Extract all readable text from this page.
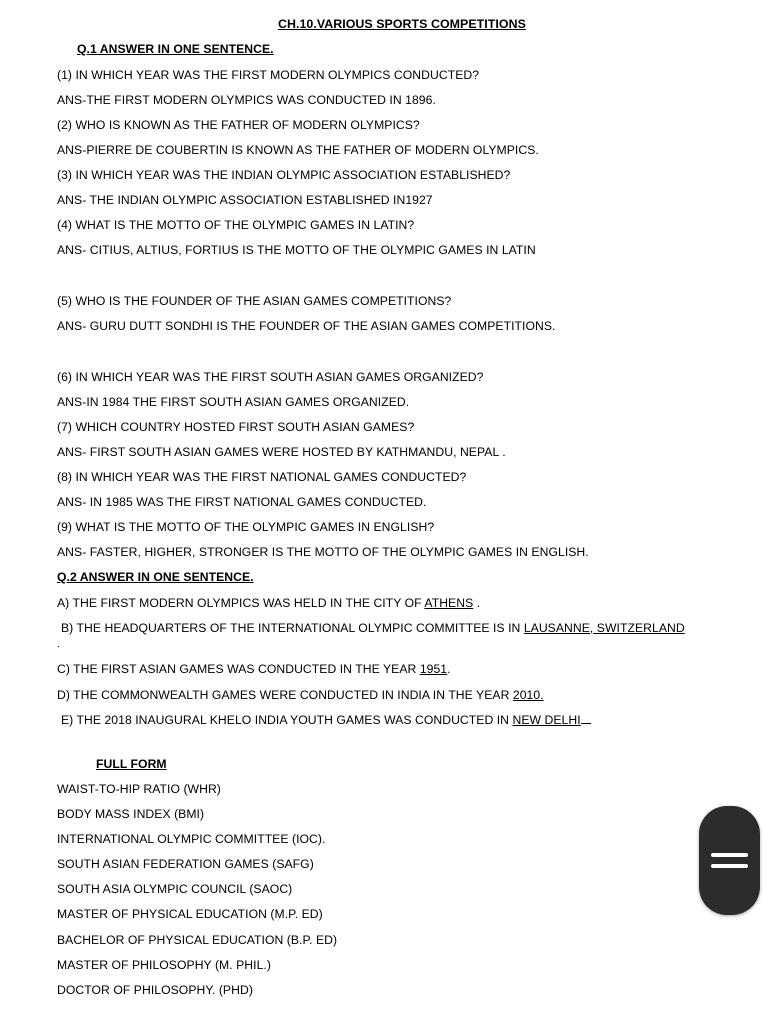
CH.10.VARIOUS SPORTS COMPETITIONS

Q.1 ANSWER IN ONE SENTENCE.

(1) IN WHICH YEAR WAS THE FIRST MODERN OLYMPICS CONDUCTED?

ANS-THE FIRST MODERN OLYMPICS WAS CONDUCTED IN 1896.

(2) WHO IS KNOWN AS THE FATHER OF MODERN OLYMPICS?

ANS-PIERRE DE COUBERTIN IS KNOWN AS THE FATHER OF MODERN OLYMPICS.

(3) IN WHICH YEAR WAS THE INDIAN OLYMPIC ASSOCIATION ESTABLISHED?

ANS- THE INDIAN OLYMPIC ASSOCIATION ESTABLISHED IN1927

(4) WHAT IS THE MOTTO OF THE OLYMPIC GAMES IN LATIN?

ANS- CITIUS, ALTIUS, FORTIUS IS THE MOTTO OF THE OLYMPIC GAMES IN LATIN

(5) WHO IS THE FOUNDER OF THE ASIAN GAMES COMPETITIONS?

ANS- GURU DUTT SONDHI IS THE FOUNDER OF THE ASIAN GAMES COMPETITIONS.

(6) IN WHICH YEAR WAS THE FIRST SOUTH ASIAN GAMES ORGANIZED?

ANS-IN 1984 THE FIRST SOUTH ASIAN GAMES ORGANIZED.

(7) WHICH COUNTRY HOSTED FIRST SOUTH ASIAN GAMES?

ANS- FIRST SOUTH ASIAN GAMES WERE HOSTED BY KATHMANDU, NEPAL .

(8) IN WHICH YEAR WAS THE FIRST NATIONAL GAMES CONDUCTED?

ANS- IN 1985 WAS THE FIRST NATIONAL GAMES CONDUCTED.

(9) WHAT IS THE MOTTO OF THE OLYMPIC GAMES IN ENGLISH?

ANS- FASTER, HIGHER, STRONGER IS THE MOTTO OF THE OLYMPIC GAMES IN ENGLISH.

Q.2 ANSWER IN ONE SENTENCE.

A) THE FIRST MODERN OLYMPICS WAS HELD IN THE CITY OF ATHENS .

B) THE HEADQUARTERS OF THE INTERNATIONAL OLYMPIC COMMITTEE IS IN LAUSANNE, SWITZERLAND

.

C) THE FIRST ASIAN GAMES WAS CONDUCTED IN THE YEAR 1951.

D) THE COMMONWEALTH GAMES WERE CONDUCTED IN INDIA IN THE YEAR 2010.

E) THE 2018 INAUGURAL KHELO INDIA YOUTH GAMES WAS CONDUCTED IN NEW DELHI

FULL FORM

WAIST-TO-HIP RATIO (WHR)

BODY MASS INDEX (BMI)

INTERNATIONAL OLYMPIC COMMITTEE (IOC).

SOUTH ASIAN FEDERATION GAMES (SAFG)

SOUTH ASIA OLYMPIC COUNCIL (SAOC)

MASTER OF PHYSICAL EDUCATION (M.P. ED)

BACHELOR OF PHYSICAL EDUCATION (B.P. ED)

MASTER OF PHILOSOPHY (M. PHIL.)

DOCTOR OF PHILOSOPHY. (PHD)
